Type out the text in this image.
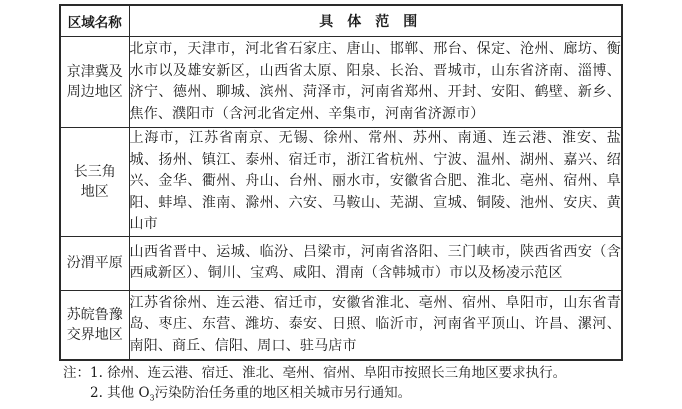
区域名称	具体范围

京津冀及
周边地区	北京市，天津市，河北省石家庄、唐山、邯郸、邢台、保定、沧州、廊坊、衡水市以及雄安新区，山西省太原、阳泉、长治、晋城市，山东省济南、淄博、济宁、德州、聊城、滨州、菏泽市，河南省郑州、开封、安阳、鹤壁、新乡、焦作、濮阳市（含河北省定州、辛集市，河南省济源市）

长三角
地区	上海市，江苏省南京、无锡、徐州、常州、苏州、南通、连云港、淮安、盐城、扬州、镇江、泰州、宿迁市，浙江省杭州、宁波、温州、湖州、嘉兴、绍兴、金华、衢州、舟山、台州、丽水市，安徽省合肥、淮北、亳州、宿州、阜阳、蚌埠、淮南、滁州、六安、马鞍山、芜湖、宣城、铜陵、池州、安庆、黄山市

汾渭平原	山西省晋中、运城、临汾、吕梁市，河南省洛阳、三门峡市，陕西省西安（含西咸新区）、铜川、宝鸡、咸阳、渭南（含韩城市）市以及杨凌示范区

苏皖鲁豫
交界地区	江苏省徐州、连云港、宿迁市，安徽省淮北、亳州、宿州、阜阳市，山东省青岛、枣庄、东营、潍坊、泰安、日照、临沂市，河南省平顶山、许昌、漯河、南阳、商丘、信阳、周口、驻马店市
注：1. 徐州、连云港、宿迁、淮北、亳州、宿州、阜阳市按照长三角地区要求执行。
2. 其他 $O_3$污染防治任务重的地区相关城市另行通知。
